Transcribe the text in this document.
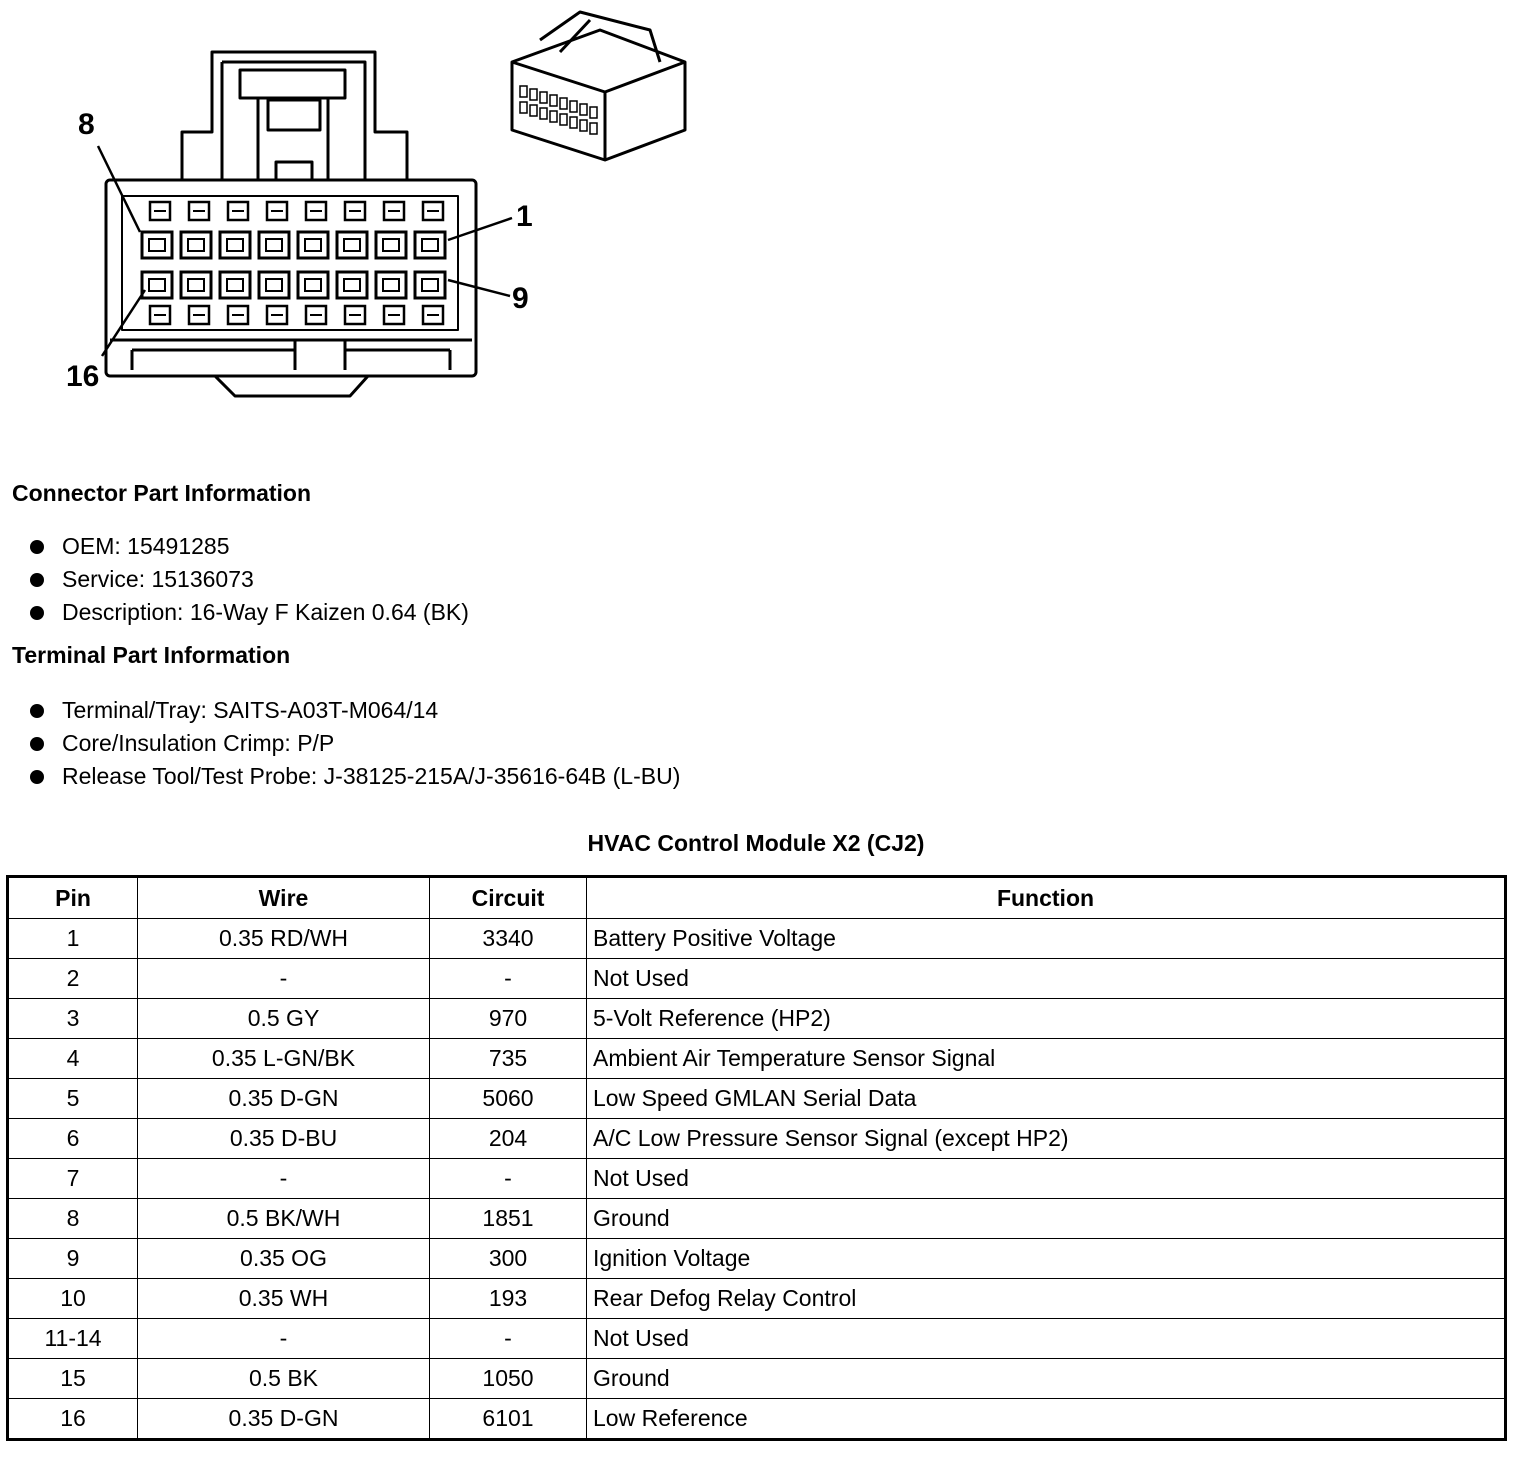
8
1
9
16
Connector Part Information
OEM: 15491285
Service: 15136073
Description: 16-Way F Kaizen 0.64 (BK)
Terminal Part Information
Terminal/Tray: SAITS-A03T-M064/14
Core/Insulation Crimp: P/P
Release Tool/Test Probe: J-38125-215A/J-35616-64B (L-BU)
HVAC Control Module X2 (CJ2)
Pin	Wire	Circuit	Function
1	0.35 RD/WH	3340	Battery Positive Voltage
2	-	-	Not Used
3	0.5 GY	970	5-Volt Reference (HP2)
4	0.35 L-GN/BK	735	Ambient Air Temperature Sensor Signal
5	0.35 D-GN	5060	Low Speed GMLAN Serial Data
6	0.35 D-BU	204	A/C Low Pressure Sensor Signal (except HP2)
7	-	-	Not Used
8	0.5 BK/WH	1851	Ground
9	0.35 OG	300	Ignition Voltage
10	0.35 WH	193	Rear Defog Relay Control
11-14	-	-	Not Used
15	0.5 BK	1050	Ground
16	0.35 D-GN	6101	Low Reference
